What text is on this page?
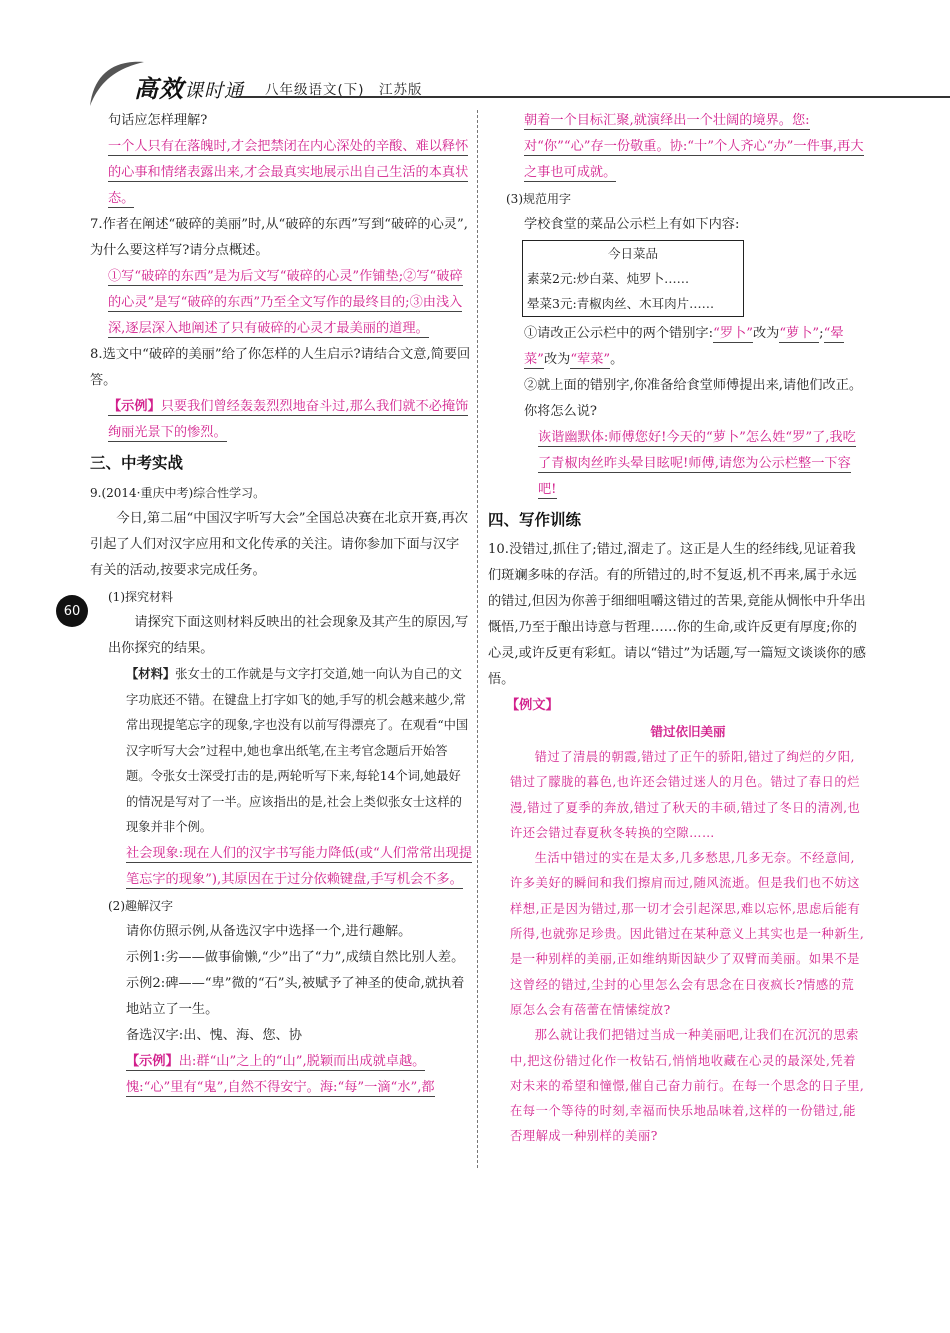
高效课时通 八年级语文(下)　江苏版
60

句话应怎样理解?

一个人只有在落魄时,才会把禁闭在内心深处的辛酸、难以释怀的心事和情绪表露出来,才会最真实地展示出自己生活的本真状态。

7.作者在阐述“破碎的美丽”时,从“破碎的东西”写到“破碎的心灵”,为什么要这样写?请分点概述。

①写“破碎的东西”是为后文写“破碎的心灵”作铺垫;②写“破碎的心灵”是写“破碎的东西”乃至全文写作的最终目的;③由浅入深,逐层深入地阐述了只有破碎的心灵才最美丽的道理。

8.选文中“破碎的美丽”给了你怎样的人生启示?请结合文意,简要回答。

【示例】只要我们曾经轰轰烈烈地奋斗过,那么我们就不必掩饰绚丽光景下的惨烈。

三、中考实战

9.(2014·重庆中考)综合性学习。

今日,第二届“中国汉字听写大会”全国总决赛在北京开赛,再次引起了人们对汉字应用和文化传承的关注。请你参加下面与汉字有关的活动,按要求完成任务。

(1)探究材料

请探究下面这则材料反映出的社会现象及其产生的原因,写出你探究的结果。

【材料】张女士的工作就是与文字打交道,她一向认为自己的文字功底还不错。在键盘上打字如飞的她,手写的机会越来越少,常常出现提笔忘字的现象,字也没有以前写得漂亮了。在观看“中国汉字听写大会”过程中,她也拿出纸笔,在主考官念题后开始答题。令张女士深受打击的是,两轮听写下来,每轮14个词,她最好的情况是写对了一半。应该指出的是,社会上类似张女士这样的现象并非个例。

社会现象:现在人们的汉字书写能力降低(或“人们常常出现提笔忘字的现象”),其原因在于过分依赖键盘,手写机会不多。

(2)趣解汉字

请你仿照示例,从备选汉字中选择一个,进行趣解。

示例1:劣——做事偷懒,“少”出了“力”,成绩自然比别人差。

示例2:碑——“卑”微的“石”头,被赋予了神圣的使命,就执着地站立了一生。

备选汉字:出、愧、海、您、协

【示例】出:群“山”之上的“山”,脱颖而出成就卓越。愧:“心”里有“鬼”,自然不得安宁。海:“每”一滴“水”,都

朝着一个目标汇聚,就演绎出一个壮阔的境界。您:对“你”“心”存一份敬重。协:“十”个人齐心“办”一件事,再大之事也可成就。

(3)规范用字

学校食堂的菜品公示栏上有如下内容:

今日菜品

素菜2元:炒白菜、炖罗卜……

晕菜3元:青椒肉丝、木耳肉片……

①请改正公示栏中的两个错别字:“罗卜”改为“萝卜”;“晕菜”改为“荤菜”。

②就上面的错别字,你准备给食堂师傅提出来,请他们改正。你将怎么说?

诙谐幽默体:师傅您好!今天的“萝卜”怎么姓“罗”了,我吃了青椒肉丝昨头晕目眩呢!师傅,请您为公示栏整一下容吧!

四、写作训练

10.没错过,抓住了;错过,溜走了。这正是人生的经纬线,见证着我们斑斓多味的存活。有的所错过的,时不复返,机不再来,属于永远的错过,但因为你善于细细咀嚼这错过的苦果,竟能从惆怅中升华出慨悟,乃至于酿出诗意与哲理……你的生命,或许反更有厚度;你的心灵,或许反更有彩虹。请以“错过”为话题,写一篇短文谈谈你的感悟。

【例文】

错过依旧美丽

错过了清晨的朝霞,错过了正午的骄阳,错过了绚烂的夕阳,错过了朦胧的暮色,也许还会错过迷人的月色。错过了春日的烂漫,错过了夏季的奔放,错过了秋天的丰硕,错过了冬日的清冽,也许还会错过春夏秋冬转换的空隙……

生活中错过的实在是太多,几多愁思,几多无奈。不经意间,许多美好的瞬间和我们擦肩而过,随风流逝。但是我们也不妨这样想,正是因为错过,那一切才会引起深思,难以忘怀,思虑后能有所得,也就弥足珍贵。因此错过在某种意义上其实也是一种新生,是一种别样的美丽,正如维纳斯因缺少了双臂而美丽。如果不是这曾经的错过,尘封的心里怎么会有思念在日夜疯长?情感的荒原怎么会有蓓蕾在情愫绽放?

那么就让我们把错过当成一种美丽吧,让我们在沉沉的思索中,把这份错过化作一枚钻石,悄悄地收藏在心灵的最深处,凭着对未来的希望和憧憬,催自己奋力前行。在每一个思念的日子里,在每一个等待的时刻,幸福而快乐地品味着,这样的一份错过,能否理解成一种别样的美丽?
